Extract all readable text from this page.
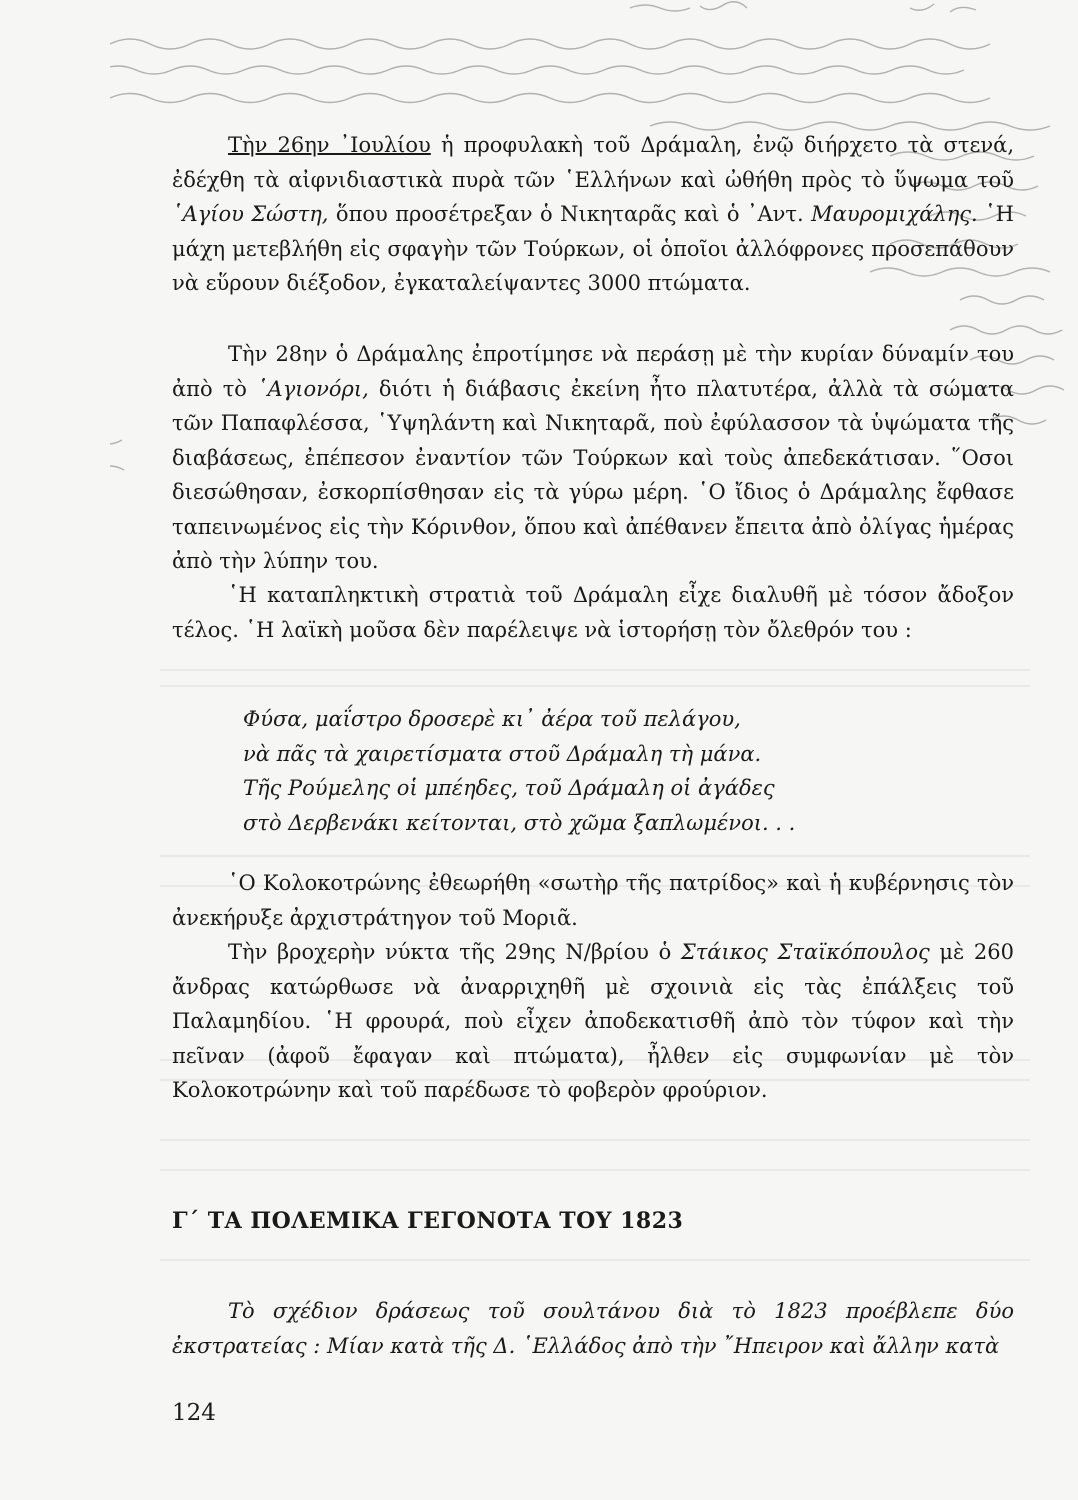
Τὴν 26ην ᾿Ιουλίου ἡ προφυλακὴ τοῦ Δράμαλη, ἐνῷ διήρχετο τὰ στενά, ἐδέχθη τὰ αἰφνιδιαστικὰ πυρὰ τῶν ῾Ελλήνων καὶ ὠθήθη πρὸς τὸ ὕψωμα τοῦ ῾Αγίου Σώστη, ὅπου προσέτρεξαν ὁ Νικηταρᾶς καὶ ὁ ᾿Αντ. Μαυρομιχάλης. ῾Η μάχη μετεβλήθη εἰς σφαγὴν τῶν Τούρκων, οἱ ὁποῖοι ἀλλόφρονες προσεπάθουν νὰ εὕρουν διέξοδον, ἐγκαταλείψαντες 3000 πτώματα.

Τὴν 28ην ὁ Δράμαλης ἐπροτίμησε νὰ περάσῃ μὲ τὴν κυρίαν δύναμίν του ἀπὸ τὸ ῾Αγιονόρι, διότι ἡ διάβασις ἐκείνη ἦτο πλατυτέρα, ἀλλὰ τὰ σώματα τῶν Παπαφλέσσα, ῾Υψηλάντη καὶ Νικηταρᾶ, ποὺ ἐφύλασσον τὰ ὑψώματα τῆς διαβάσεως, ἐπέπεσον ἐναντίον τῶν Τούρκων καὶ τοὺς ἀπεδεκάτισαν. ῞Οσοι διεσώθησαν, ἐσκορπίσθησαν εἰς τὰ γύρω μέρη. ῾Ο ἴδιος ὁ Δράμαλης ἔφθασε ταπεινωμένος εἰς τὴν Κόρινθον, ὅπου καὶ ἀπέθανεν ἔπειτα ἀπὸ ὀλίγας ἡμέρας ἀπὸ τὴν λύπην του.

῾Η καταπληκτικὴ στρατιὰ τοῦ Δράμαλη εἶχε διαλυθῆ μὲ τόσον ἄδοξον τέλος. ῾Η λαϊκὴ μοῦσα δὲν παρέλειψε νὰ ἱστορήσῃ τὸν ὄλεθρόν του :

Φύσα, μαΐστρο δροσερὲ κι᾿ ἀέρα τοῦ πελάγου,
νὰ πᾶς τὰ χαιρετίσματα στοῦ Δράμαλη τὴ μάνα.
Τῆς Ρούμελης οἱ μπέηδες, τοῦ Δράμαλη οἱ ἀγάδες
στὸ Δερβενάκι κείτονται, στὸ χῶμα ξαπλωμένοι. . .

῾Ο Κολοκοτρώνης ἐθεωρήθη «σωτὴρ τῆς πατρίδος» καὶ ἡ κυβέρνησις τὸν ἀνεκήρυξε ἀρχιστράτηγον τοῦ Μοριᾶ.

Τὴν βροχερὴν νύκτα τῆς 29ης Ν/βρίου ὁ Στάικος Σταϊκόπουλος μὲ 260 ἄνδρας κατώρθωσε νὰ ἀναρριχηθῆ μὲ σχοινιὰ εἰς τὰς ἐπάλξεις τοῦ Παλαμηδίου. ῾Η φρουρά, ποὺ εἶχεν ἀποδεκατισθῆ ἀπὸ τὸν τύφον καὶ τὴν πεῖναν (ἀφοῦ ἔφαγαν καὶ πτώματα), ἦλθεν εἰς συμφωνίαν μὲ τὸν Κολοκοτρώνην καὶ τοῦ παρέδωσε τὸ φοβερὸν φρούριον.

Γ΄ ΤΑ ΠΟΛΕΜΙΚΑ ΓΕΓΟΝΟΤΑ ΤΟΥ 1823

Τὸ σχέδιον δράσεως τοῦ σουλτάνου διὰ τὸ 1823 προέβλεπε δύο ἐκστρατείας : Μίαν κατὰ τῆς Δ. ῾Ελλάδος ἀπὸ τὴν ῎Ηπειρον καὶ ἄλλην κατὰ

124
